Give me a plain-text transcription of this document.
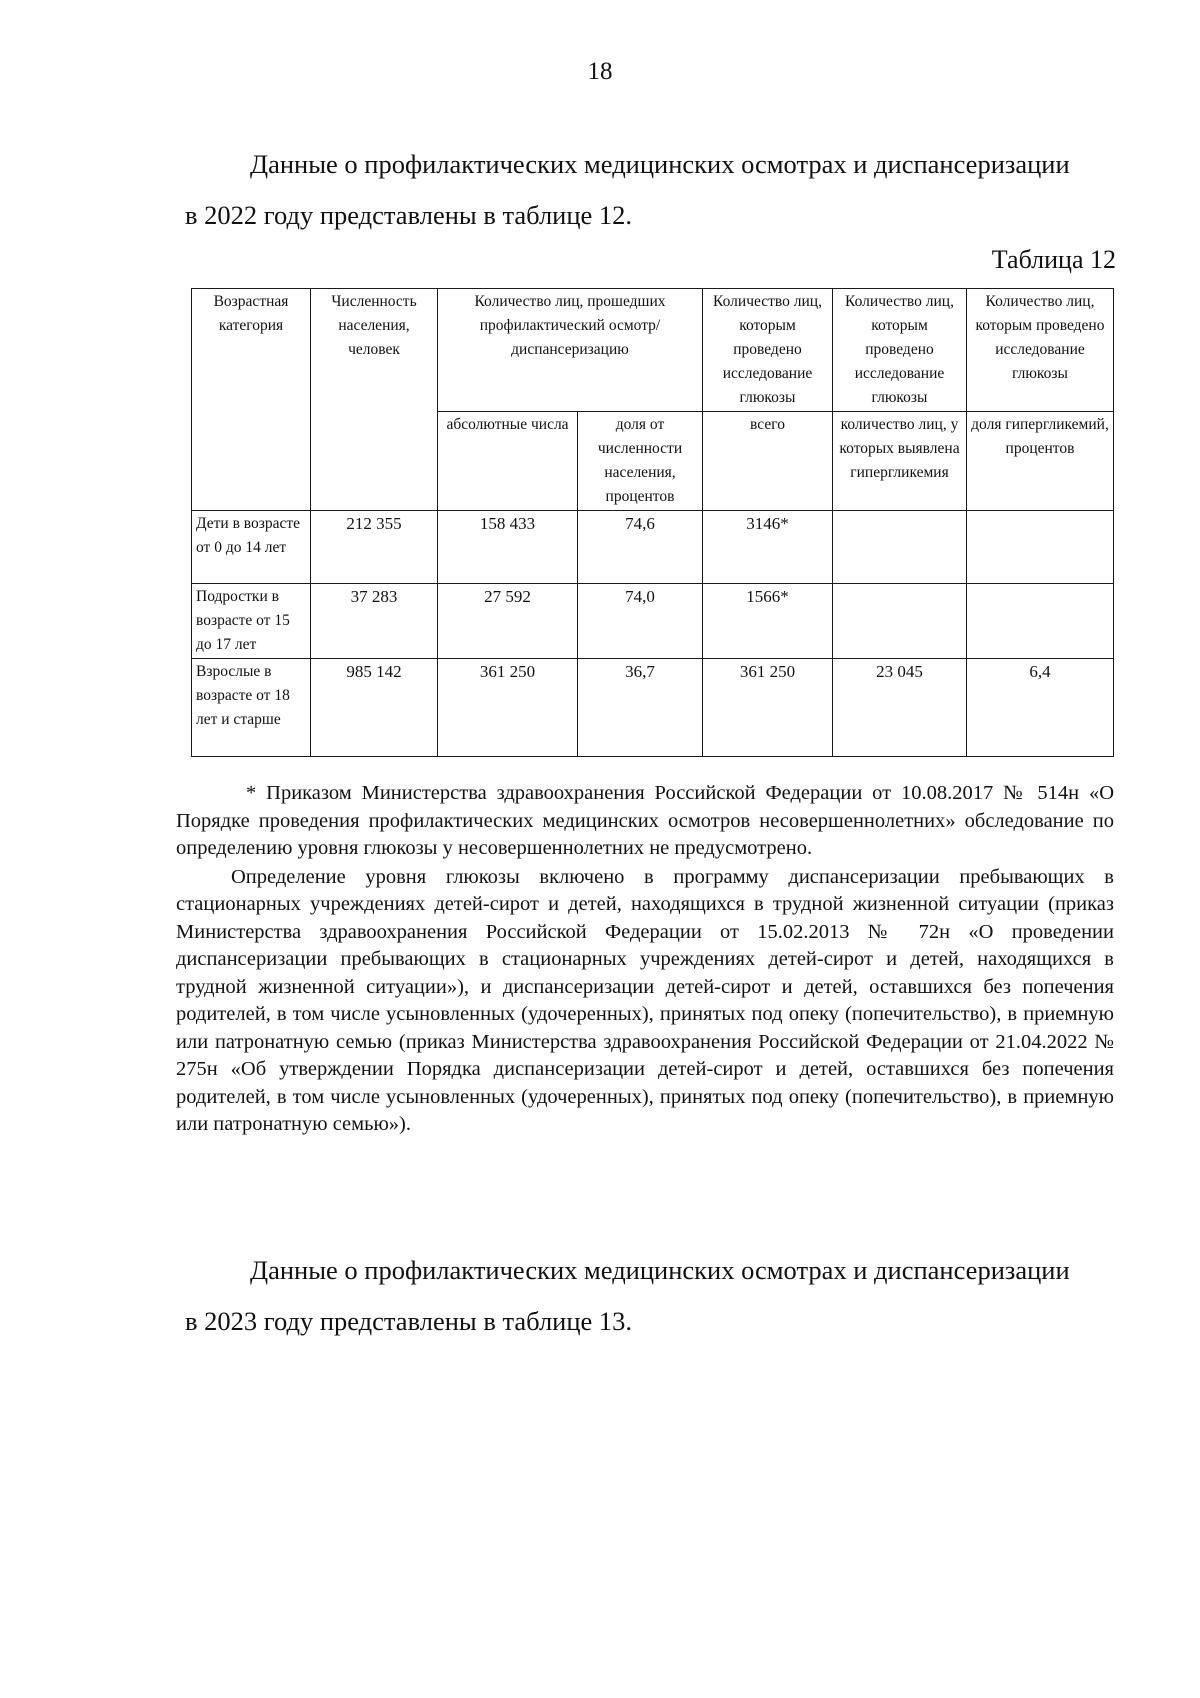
18
Данные о профилактических медицинских осмотрах и диспансеризации
в 2022 году представлены в таблице 12.
Таблица 12
Возрастная категория	Численность населения, человек	Количество лиц, прошедших профилактический осмотр/ диспансеризацию		Количество лиц, которым проведено исследование глюкозы	Количество лиц, которым проведено исследование глюкозы	Количество лиц, которым проведено исследование глюкозы
		абсолютные числа	доля от численности населения, процентов	всего	количество лиц, у которых выявлена гипергликемия	доля гипергликемий, процентов
Дети в возрасте от 0 до 14 лет	212 355	158 433	74,6	3146*		
Подростки в возрасте от 15 до 17 лет	37 283	27 592	74,0	1566*		
Взрослые в возрасте от 18 лет и старше	985 142	361 250	36,7	361 250	23 045	6,4

* Приказом Министерства здравоохранения Российской Федерации от 10.08.2017 № 514н «О Порядке проведения профилактических медицинских осмотров несовершеннолетних» обследование по определению уровня глюкозы у несовершеннолетних не предусмотрено.

Определение уровня глюкозы включено в программу диспансеризации пребывающих в стационарных учреждениях детей-сирот и детей, находящихся в трудной жизненной ситуации (приказ Министерства здравоохранения Российской Федерации от 15.02.2013 № 72н «О проведении диспансеризации пребывающих в стационарных учреждениях детей-сирот и детей, находящихся в трудной жизненной ситуации»), и диспансеризации детей-сирот и детей, оставшихся без попечения родителей, в том числе усыновленных (удочеренных), принятых под опеку (попечительство), в приемную или патронатную семью (приказ Министерства здравоохранения Российской Федерации от 21.04.2022 № 275н «Об утверждении Порядка диспансеризации детей-сирот и детей, оставшихся без попечения родителей, в том числе усыновленных (удочеренных), принятых под опеку (попечительство), в приемную или патронатную семью»).

Данные о профилактических медицинских осмотрах и диспансеризации
в 2023 году представлены в таблице 13.
